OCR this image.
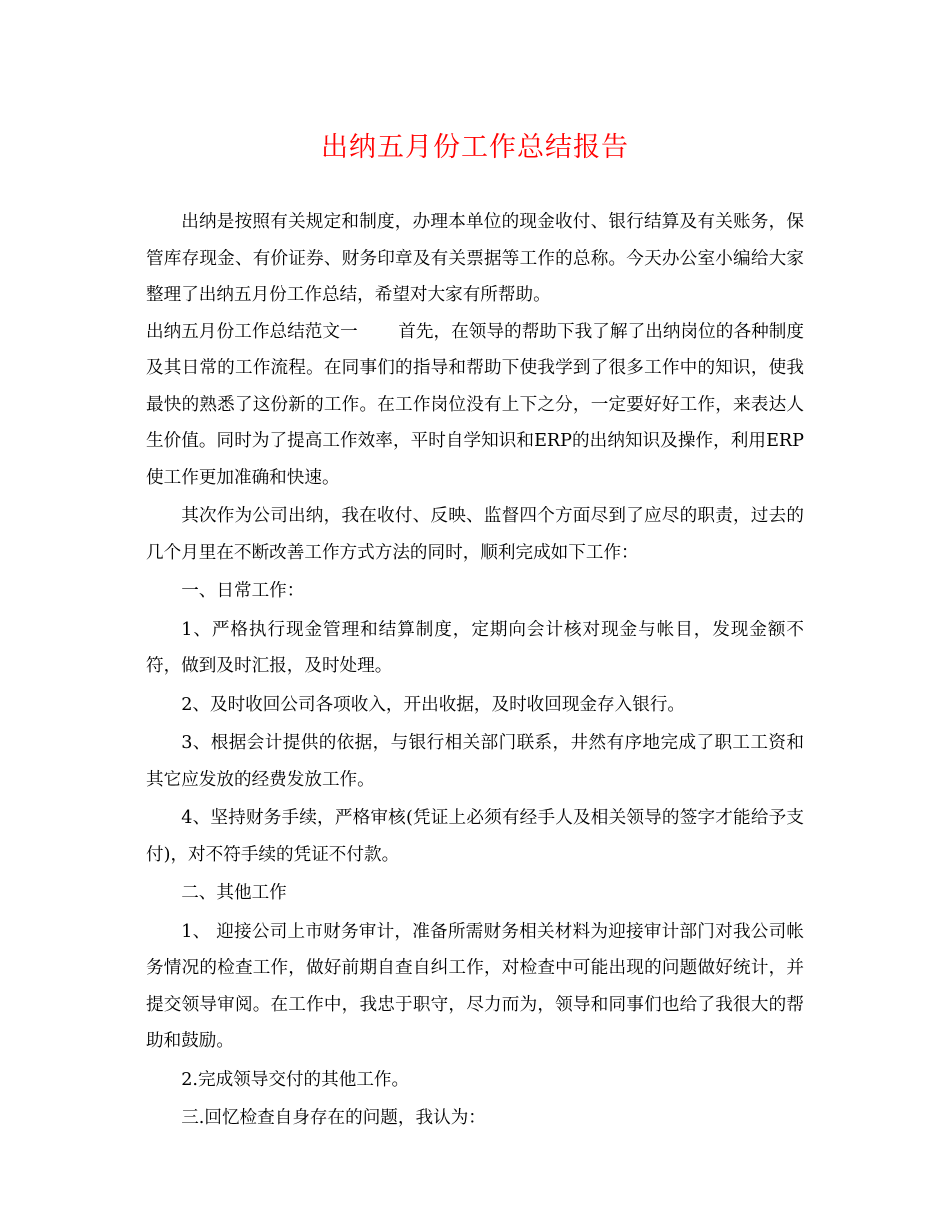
出纳五月份工作总结报告

出纳是按照有关规定和制度，办理本单位的现金收付、银行结算及有关账务，保管库存现金、有价证券、财务印章及有关票据等工作的总称。今天办公室小编给大家整理了出纳五月份工作总结，希望对大家有所帮助。

出纳五月份工作总结范文一 首先，在领导的帮助下我了解了出纳岗位的各种制度及其日常的工作流程。在同事们的指导和帮助下使我学到了很多工作中的知识，使我最快的熟悉了这份新的工作。在工作岗位没有上下之分，一定要好好工作，来表达人生价值。同时为了提高工作效率，平时自学知识和ERP的出纳知识及操作，利用ERP使工作更加准确和快速。

其次作为公司出纳，我在收付、反映、监督四个方面尽到了应尽的职责，过去的几个月里在不断改善工作方式方法的同时，顺利完成如下工作：

一、日常工作：

1、严格执行现金管理和结算制度，定期向会计核对现金与帐目，发现金额不符，做到及时汇报，及时处理。

2、及时收回公司各项收入，开出收据，及时收回现金存入银行。

3、根据会计提供的依据，与银行相关部门联系，井然有序地完成了职工工资和其它应发放的经费发放工作。

4、坚持财务手续，严格审核(凭证上必须有经手人及相关领导的签字才能给予支付)，对不符手续的凭证不付款。

二、其他工作

1、 迎接公司上市财务审计，准备所需财务相关材料为迎接审计部门对我公司帐务情况的检查工作，做好前期自查自纠工作，对检查中可能出现的问题做好统计，并提交领导审阅。在工作中，我忠于职守，尽力而为，领导和同事们也给了我很大的帮助和鼓励。

2.完成领导交付的其他工作。

三.回忆检查自身存在的问题，我认为：
